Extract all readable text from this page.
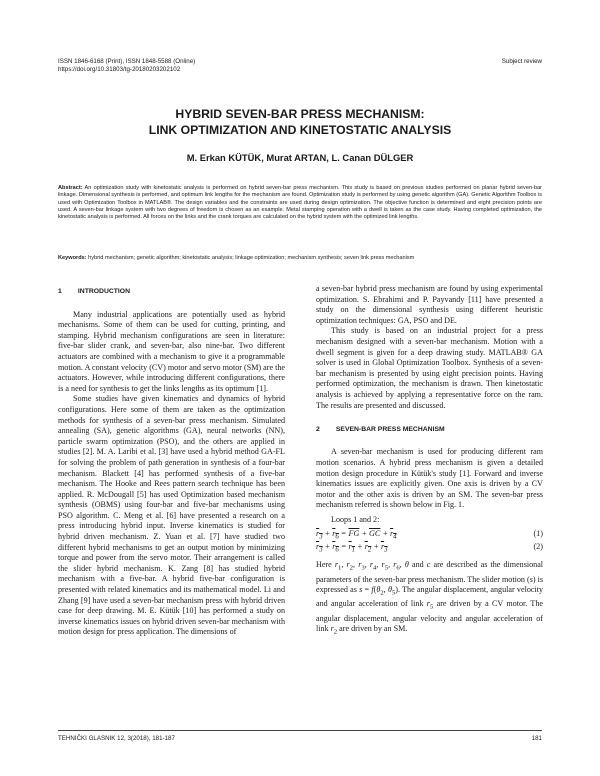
ISSN 1846-6168 (Print), ISSN 1848-5588 (Online)
https://doi.org/10.31803/tg-20180203202102
Subject review
HYBRID SEVEN-BAR PRESS MECHANISM:
LINK OPTIMIZATION AND KINETOSTATIC ANALYSIS
M. Erkan KÜTÜK, Murat ARTAN, L. Canan DÜLGER
Abstract: An optimization study with kinetostatic analysis is performed on hybrid seven-bar press mechanism. This study is based on previous studies performed on planar hybrid seven-bar linkage. Dimensional synthesis is performed, and optimum link lengths for the mechanism are found. Optimization study is performed by using genetic algorithm (GA). Genetic Algorithm Toolbox is used with Optimization Toolbox in MATLAB®. The design variables and the constraints are used during design optimization. The objective function is determined and eight precision points are used. A seven-bar linkage system with two degrees of freedom is chosen as an example. Metal stamping operation with a dwell is taken as the case study. Having completed optimization, the kinetostatic analysis is performed. All forces on the links and the crank torques are calculated on the hybrid system with the optimized link lengths.
Keywords: hybrid mechanism; genetic algorithm; kinetostatic analysis; linkage optimization; mechanism synthesis; seven link press mechanism
1 INTRODUCTION

Many industrial applications are potentially used as hybrid mechanisms. Some of them can be used for cutting, printing, and stamping. Hybrid mechanism configurations are seen in literature: five-bar slider crank, and seven-bar, also nine-bar. Two different actuators are combined with a mechanism to give it a programmable motion. A constant velocity (CV) motor and servo motor (SM) are the actuators. However, while introducing different configurations, there is a need for synthesis to get the links lengths as its optimum [1].

Some studies have given kinematics and dynamics of hybrid configurations. Here some of them are taken as the optimization methods for synthesis of a seven-bar press mechanism. Simulated annealing (SA), genetic algorithms (GA), neural networks (NN), particle swarm optimization (PSO), and the others are applied in studies [2]. M. A. Laribi et al. [3] have used a hybrid method GA-FL for solving the problem of path generation in synthesis of a four-bar mechanism. Blackett [4] has performed synthesis of a five-bar mechanism. The Hooke and Rees pattern search technique has been applied. R. McDougall [5] has used Optimization based mechanism synthesis (OBMS) using four-bar and five-bar mechanisms using PSO algorithm. C. Meng et al. [6] have presented a research on a press introducing hybrid input. Inverse kinematics is studied for hybrid driven mechanism. Z. Yuan et al. [7] have studied two different hybrid mechanisms to get an output motion by minimizing torque and power from the servo motor. Their arrangement is called the slider hybrid mechanism. K. Zang [8] has studied hybrid mechanism with a five-bar. A hybrid five-bar configuration is presented with related kinematics and its mathematical model. Li and Zhang [9] have used a seven-bar mechanism press with hybrid driven case for deep drawing. M. E. Kütük [10] has performed a study on inverse kinematics issues on hybrid driven seven-bar mechanism with motion design for press application. The dimensions of

a seven-bar hybrid press mechanism are found by using experimental optimization. S. Ebrahimi and P. Payvandy [11] have presented a study on the dimensional synthesis using different heuristic optimization techniques: GA, PSO and DE.

This study is based on an industrial project for a press mechanism designed with a seven-bar mechanism. Motion with a dwell segment is given for a deep drawing study. MATLAB® GA solver is used in Global Optimization Toolbox. Synthesis of a seven-bar mechanism is presented by using eight precision points. Having performed optimization, the mechanism is drawn. Then kinetostatic analysis is achieved by applying a representative force on the ram. The results are presented and discussed.

2 SEVEN-BAR PRESS MECHANISM

A seven-bar mechanism is used for producing different ram motion scenarios. A hybrid press mechanism is given a detailed motion design procedure in Kütük's study [1]. Forward and inverse kinematics issues are explicitly given. One axis is driven by a CV motor and the other axis is driven by an SM. The seven-bar press mechanism referred is shown below in Fig. 1.

Loops 1 and 2:

$r_3 + r_6 = \overline{FG} + \overline{GC} + r_4$	(1)
$r_3 + r_6 = r_1 + r_2 + r_3$	(2)

Here $r_1$, $r_2$, $r_3$, $r_4$, $r_5$, $r_6$, θ and c are described as the dimensional parameters of the seven-bar press mechanism. The slider motion (s) is expressed as $s = f(\theta_2$, $\theta_5$). The angular displacement, angular velocity and angular acceleration of link $r_5$ are driven by a CV motor. The angular displacement, angular velocity and angular acceleration of link $r_2$ are driven by an SM.

TEHNIČKI GLASNIK 12, 3(2018), 181-187	181
